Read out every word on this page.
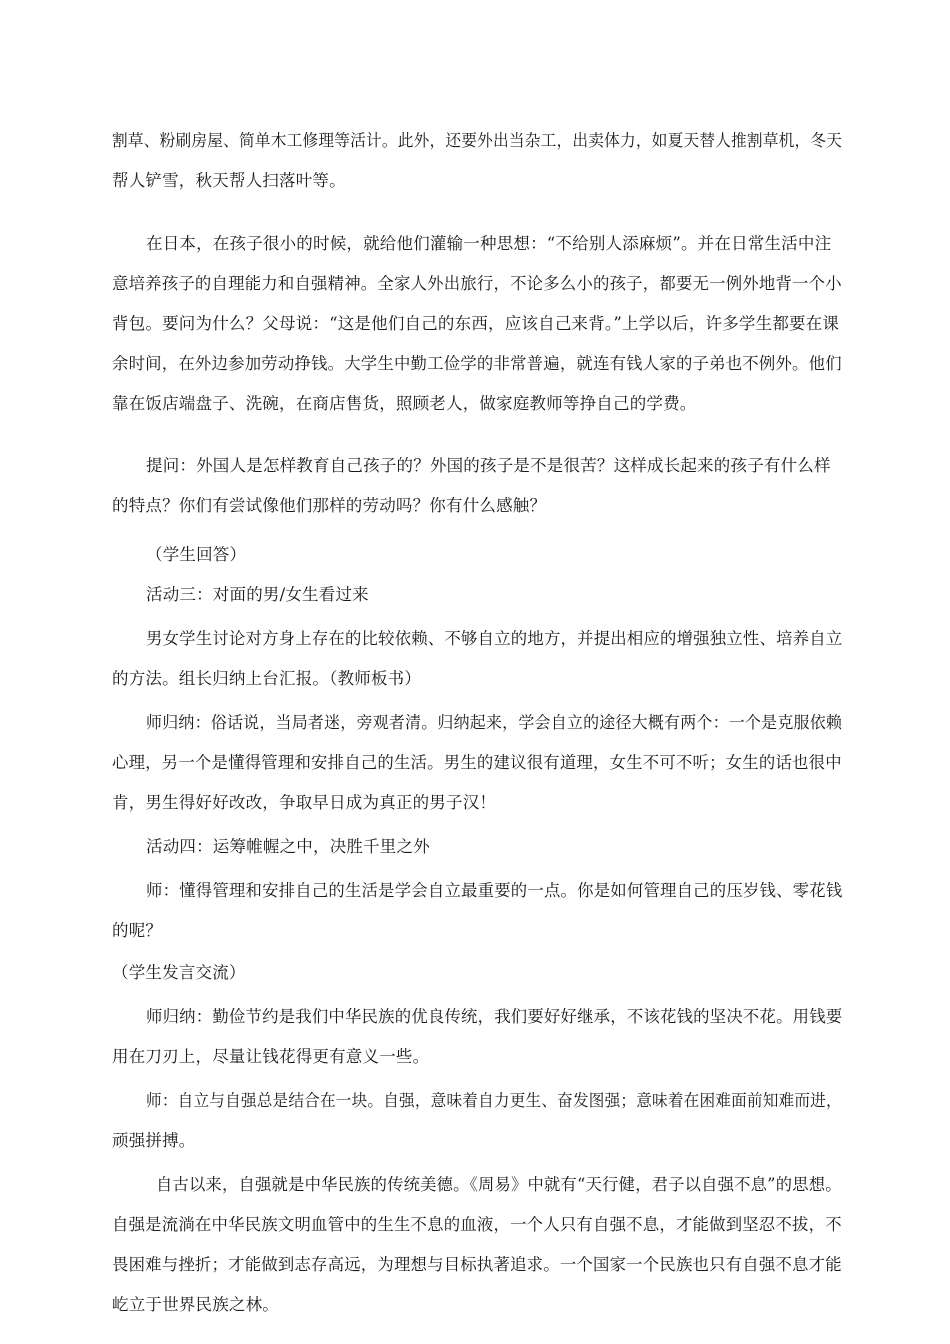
割草、粉刷房屋、简单木工修理等活计。此外，还要外出当杂工，出卖体力，如夏天替人推割草机，冬天
帮人铲雪，秋天帮人扫落叶等。
在日本，在孩子很小的时候，就给他们灌输一种思想：“不给别人添麻烦”。并在日常生活中注
意培养孩子的自理能力和自强精神。全家人外出旅行，不论多么小的孩子，都要无一例外地背一个小
背包。要问为什么？父母说：“这是他们自己的东西，应该自己来背。”上学以后，许多学生都要在课
余时间，在外边参加劳动挣钱。大学生中勤工俭学的非常普遍，就连有钱人家的子弟也不例外。他们
靠在饭店端盘子、洗碗，在商店售货，照顾老人，做家庭教师等挣自己的学费。
提问：外国人是怎样教育自己孩子的？外国的孩子是不是很苦？这样成长起来的孩子有什么样
的特点？你们有尝试像他们那样的劳动吗？你有什么感触？
（学生回答）
活动三：对面的男/女生看过来
男女学生讨论对方身上存在的比较依赖、不够自立的地方，并提出相应的增强独立性、培养自立
的方法。组长归纳上台汇报。（教师板书）
师归纳：俗话说，当局者迷，旁观者清。归纳起来，学会自立的途径大概有两个：一个是克服依赖
心理，另一个是懂得管理和安排自己的生活。男生的建议很有道理，女生不可不听；女生的话也很中
肯，男生得好好改改，争取早日成为真正的男子汉！
活动四：运筹帷幄之中，决胜千里之外
师：懂得管理和安排自己的生活是学会自立最重要的一点。你是如何管理自己的压岁钱、零花钱
的呢？
（学生发言交流）
师归纳：勤俭节约是我们中华民族的优良传统，我们要好好继承，不该花钱的坚决不花。用钱要
用在刀刃上，尽量让钱花得更有意义一些。
师：自立与自强总是结合在一块。自强，意味着自力更生、奋发图强；意味着在困难面前知难而进，
顽强拼搏。
自古以来，自强就是中华民族的传统美德。《周易》中就有“天行健，君子以自强不息”的思想。
自强是流淌在中华民族文明血管中的生生不息的血液，一个人只有自强不息，才能做到坚忍不拔，不
畏困难与挫折；才能做到志存高远，为理想与目标执著追求。一个国家一个民族也只有自强不息才能
屹立于世界民族之林。
